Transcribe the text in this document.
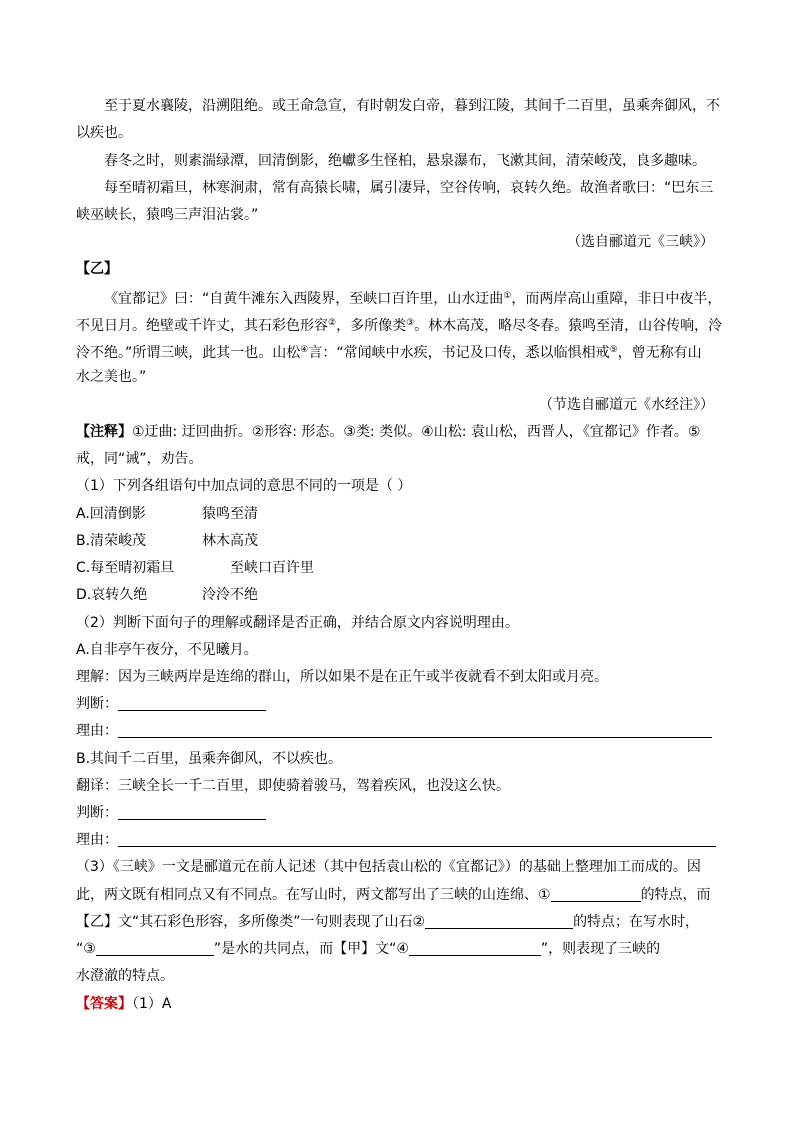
至于夏水襄陵，沿溯阻绝。或王命急宣，有时朝发白帝，暮到江陵，其间千二百里，虽乘奔御风，不
以疾也。
春冬之时，则素湍绿潭，回清倒影，绝巘多生怪柏，悬泉瀑布，飞漱其间，清荣峻茂，良多趣味。
每至晴初霜旦，林寒涧肃，常有高猿长啸，属引凄异，空谷传响，哀转久绝。故渔者歌曰：“巴东三
峡巫峡长，猿鸣三声泪沾裳。”
（选自郦道元《三峡》）
【乙】
《宜都记》曰：“自黄牛滩东入西陵界，至峡口百许里，山水迂曲①，而两岸高山重障，非日中夜半，
不见日月。绝壁或千许丈，其石彩色形容②，多所像类③。林木高茂，略尽冬春。猿鸣至清，山谷传响，泠
泠不绝。”所谓三峡，此其一也。山松④言：“常闻峡中水疾，书记及口传，悉以临惧相戒⑤，曾无称有山
水之美也。”
（节选自郦道元《水经注》）
【注释】①迂曲: 迂回曲折。②形容: 形态。③类: 类似。④山松: 袁山松，西晋人，《宜都记》作者。⑤
戒，同“诫”，劝告。
（1）下列各组语句中加点词的意思不同的一项是（ ）
A.回清倒影	猿鸣至清
B.清荣峻茂	林木高茂
C.每至晴初霜旦	至峡口百许里
D.哀转久绝	泠泠不绝
（2）判断下面句子的理解或翻译是否正确，并结合原文内容说明理由。
A.自非亭午夜分，不见曦月。
理解：因为三峡两岸是连绵的群山，所以如果不是在正午或半夜就看不到太阳或月亮。
判断：
理由：
B.其间千二百里，虽乘奔御风，不以疾也。
翻译：三峡全长一千二百里，即使骑着骏马，驾着疾风，也没这么快。
判断：
理由：
（3）《三峡》一文是郦道元在前人记述（其中包括袁山松的《宜都记》）的基础上整理加工而成的。因
此，两文既有相同点又有不同点。在写山时，两文都写出了三峡的山连绵、①	的特点，而
【乙】文“其石彩色形容，多所像类”一句则表现了山石②	的特点；在写水时，
“③	”是水的共同点，而【甲】文“④	”，则表现了三峡的
水澄澈的特点。
【答案】（1）A
